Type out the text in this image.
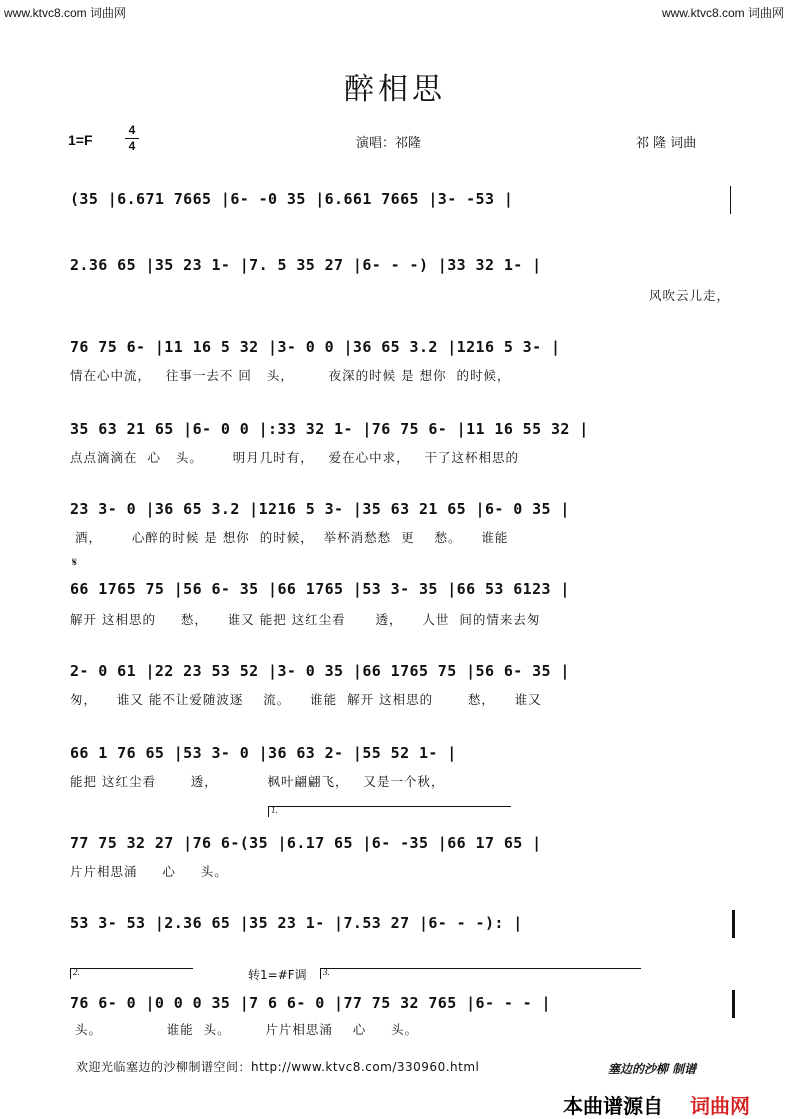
www.ktvc8.com 词曲网	www.ktvc8.com 词曲网
醉相思
1=F
4
4	演唱：祁隆	祁 隆 词曲
(35 |6.671 7665 |6- -0 35 |6.661 7665 |3- -53 |
2.36 65 |35 23 1- |7. 5 35 27 |6- - -) |33 32 1- |
风吹云儿走，
76 75 6- |11 16 5 32 |3- 0 0 |36 65 3.2 |1216 5 3- |
情在心中流，   往事一去不 回   头，       夜深的时候 是 想你  的时候，
35 63 21 65 |6- 0 0 |:33 32 1- |76 75 6- |11 16 55 32 |
点点滴滴在  心   头。      明月几时有，   爱在心中求，   干了这杯相思的
23 3- 0 |36 65 3.2 |1216 5 3- |35 63 21 65 |6- 0 35 |
酒，      心醉的时候 是 想你  的时候，  举杯消愁愁  更    愁。    谁能
𝄋
66 1765 75 |56 6- 35 |66 1765 |53 3- 35 |66 53 6123 |
解开 这相思的     愁，    谁又 能把 这红尘看      透，    人世  间的情来去匆
2- 0 61 |22 23 53 52 |3- 0 35 |66 1765 75 |56 6- 35 |
匆，    谁又 能不让爱随波逐    流。    谁能  解开 这相思的       愁，    谁又
66 1 76 65 |53 3- 0 |36 63 2- |55 52 1- |
能把 这红尘看       透，          枫叶翩翩飞，   又是一个秋，
1.
77 75 32 27 |76 6-(35 |6.17 65 |6- -35 |66 17 65 |
片片相思涌     心     头。
53 3- 53 |2.36 65 |35 23 1- |7.53 27 |6- - -): |
2.	转1=#F调 3.
76 6- 0 |0 0 0 35 |7 6 6- 0 |77 75 32 765 |6- - - |
头。             谁能  头。       片片相思涌    心     头。
欢迎光临塞边的沙柳制谱空间：http://www.ktvc8.com/330960.html	塞边的沙柳 制谱
本曲谱源自 词曲网
